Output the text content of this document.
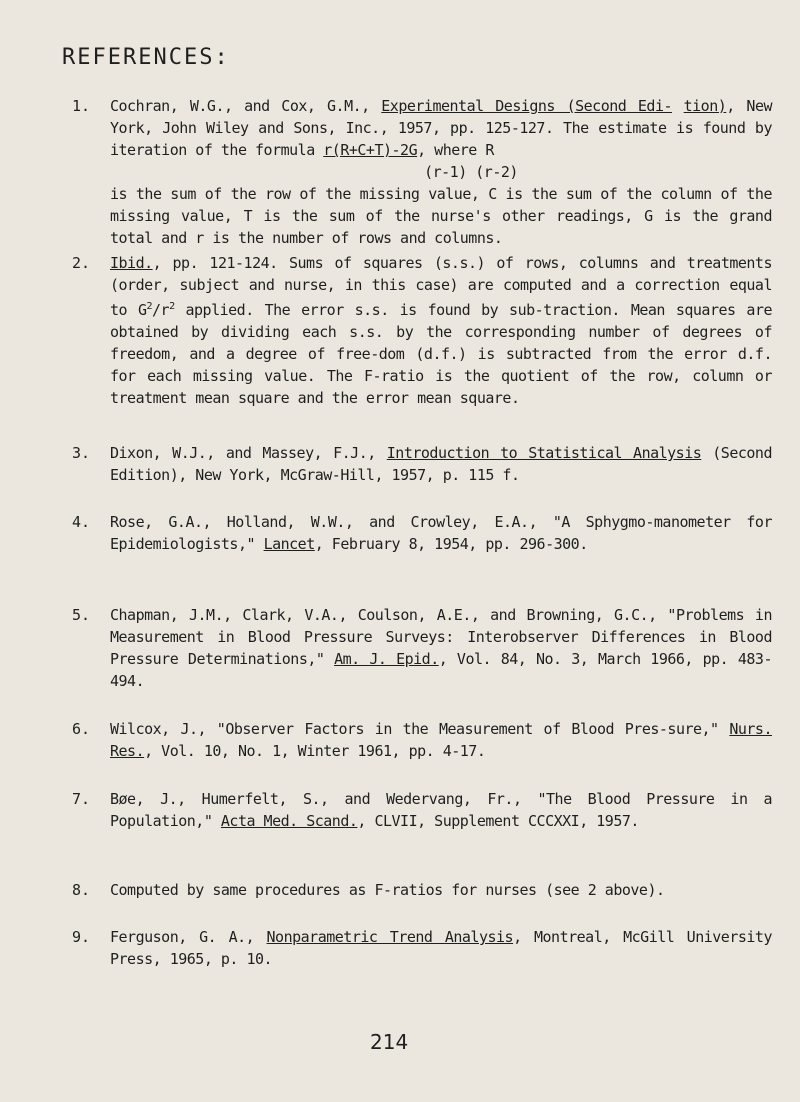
REFERENCES:
1.	Cochran, W.G., and Cox, G.M., Experimental Designs (Second Edi- tion), New York, John Wiley and Sons, Inc., 1957, pp. 125-127. The estimate is found by iteration of the formula r(R+C+T)-2G, where R
(r-1) (r-2)
is the sum of the row of the missing value, C is the sum of the column of the missing value, T is the sum of the nurse's other readings, G is the grand total and r is the number of rows and columns.
2.	Ibid., pp. 121-124. Sums of squares (s.s.) of rows, columns and treatments (order, subject and nurse, in this case) are computed and a correction equal to $G^2/r^2$ applied. The error s.s. is found by sub-traction. Mean squares are obtained by dividing each s.s. by the corresponding number of degrees of freedom, and a degree of free-dom (d.f.) is subtracted from the error d.f. for each missing value. The F-ratio is the quotient of the row, column or treatment mean square and the error mean square.
3.	Dixon, W.J., and Massey, F.J., Introduction to Statistical Analysis (Second Edition), New York, McGraw-Hill, 1957, p. 115 f.
4.	Rose, G.A., Holland, W.W., and Crowley, E.A., "A Sphygmo-manometer for Epidemiologists," Lancet, February 8, 1954, pp. 296-300.
5.	Chapman, J.M., Clark, V.A., Coulson, A.E., and Browning, G.C., "Problems in Measurement in Blood Pressure Surveys: Interobserver Differences in Blood Pressure Determinations," Am. J. Epid., Vol. 84, No. 3, March 1966, pp. 483-494.
6.	Wilcox, J., "Observer Factors in the Measurement of Blood Pres-sure," Nurs. Res., Vol. 10, No. 1, Winter 1961, pp. 4-17.
7.	Bøe, J., Humerfelt, S., and Wedervang, Fr., "The Blood Pressure in a Population," Acta Med. Scand., CLVII, Supplement CCCXXI, 1957.
8.	Computed by same procedures as F-ratios for nurses (see 2 above).
9.	Ferguson, G. A., Nonparametric Trend Analysis, Montreal, McGill University Press, 1965, p. 10.
214
